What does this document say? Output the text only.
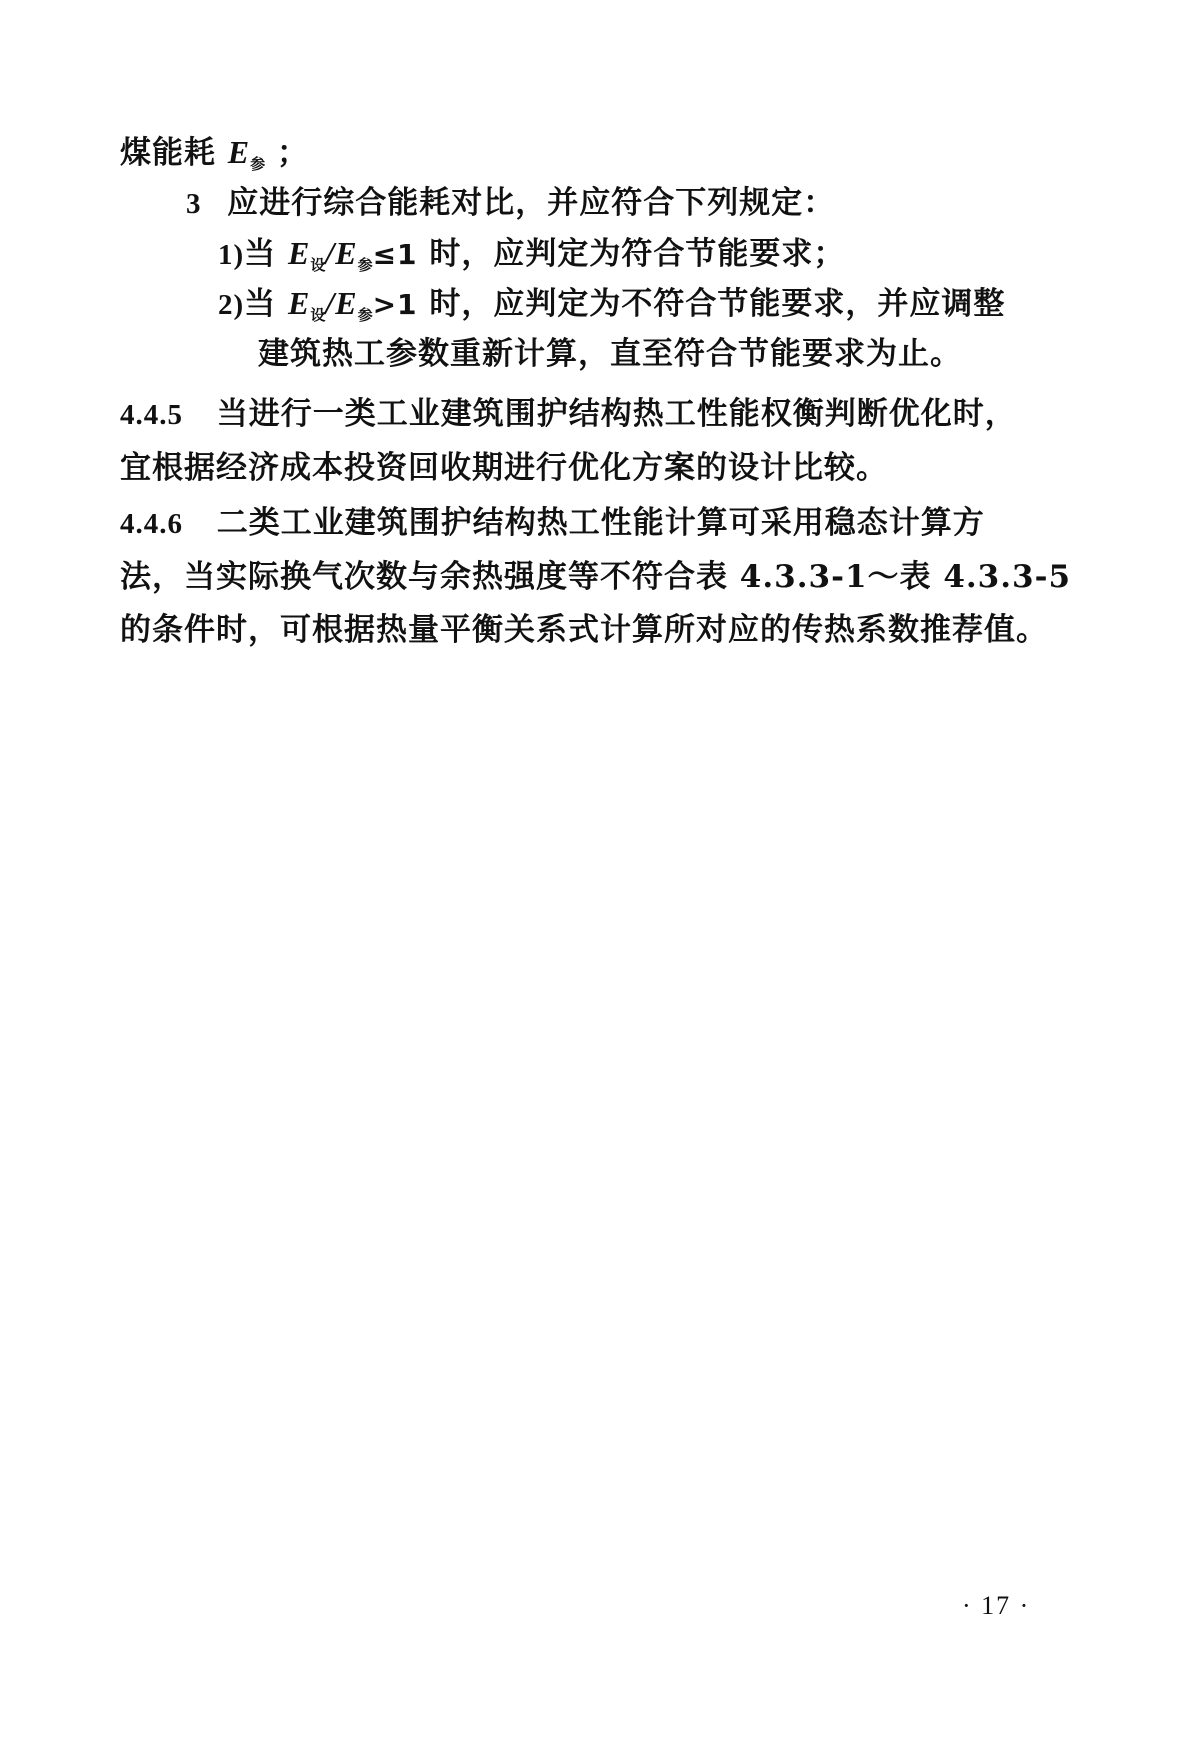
煤能耗 $E_参$ ；
3 应进行综合能耗对比，并应符合下列规定：
1)当 $E_设/E_参\le 1$ 时，应判定为符合节能要求；
2)当 $E_设/E_参>1$ 时，应判定为不符合节能要求，并应调整
建筑热工参数重新计算，直至符合节能要求为止。
4.4.5 当进行一类工业建筑围护结构热工性能权衡判断优化时，
宜根据经济成本投资回收期进行优化方案的设计比较。
4.4.6 二类工业建筑围护结构热工性能计算可采用稳态计算方
法，当实际换气次数与余热强度等不符合表 4.3.3-1～表 4.3.3-5
的条件时，可根据热量平衡关系式计算所对应的传热系数推荐值。
· 17 ·
